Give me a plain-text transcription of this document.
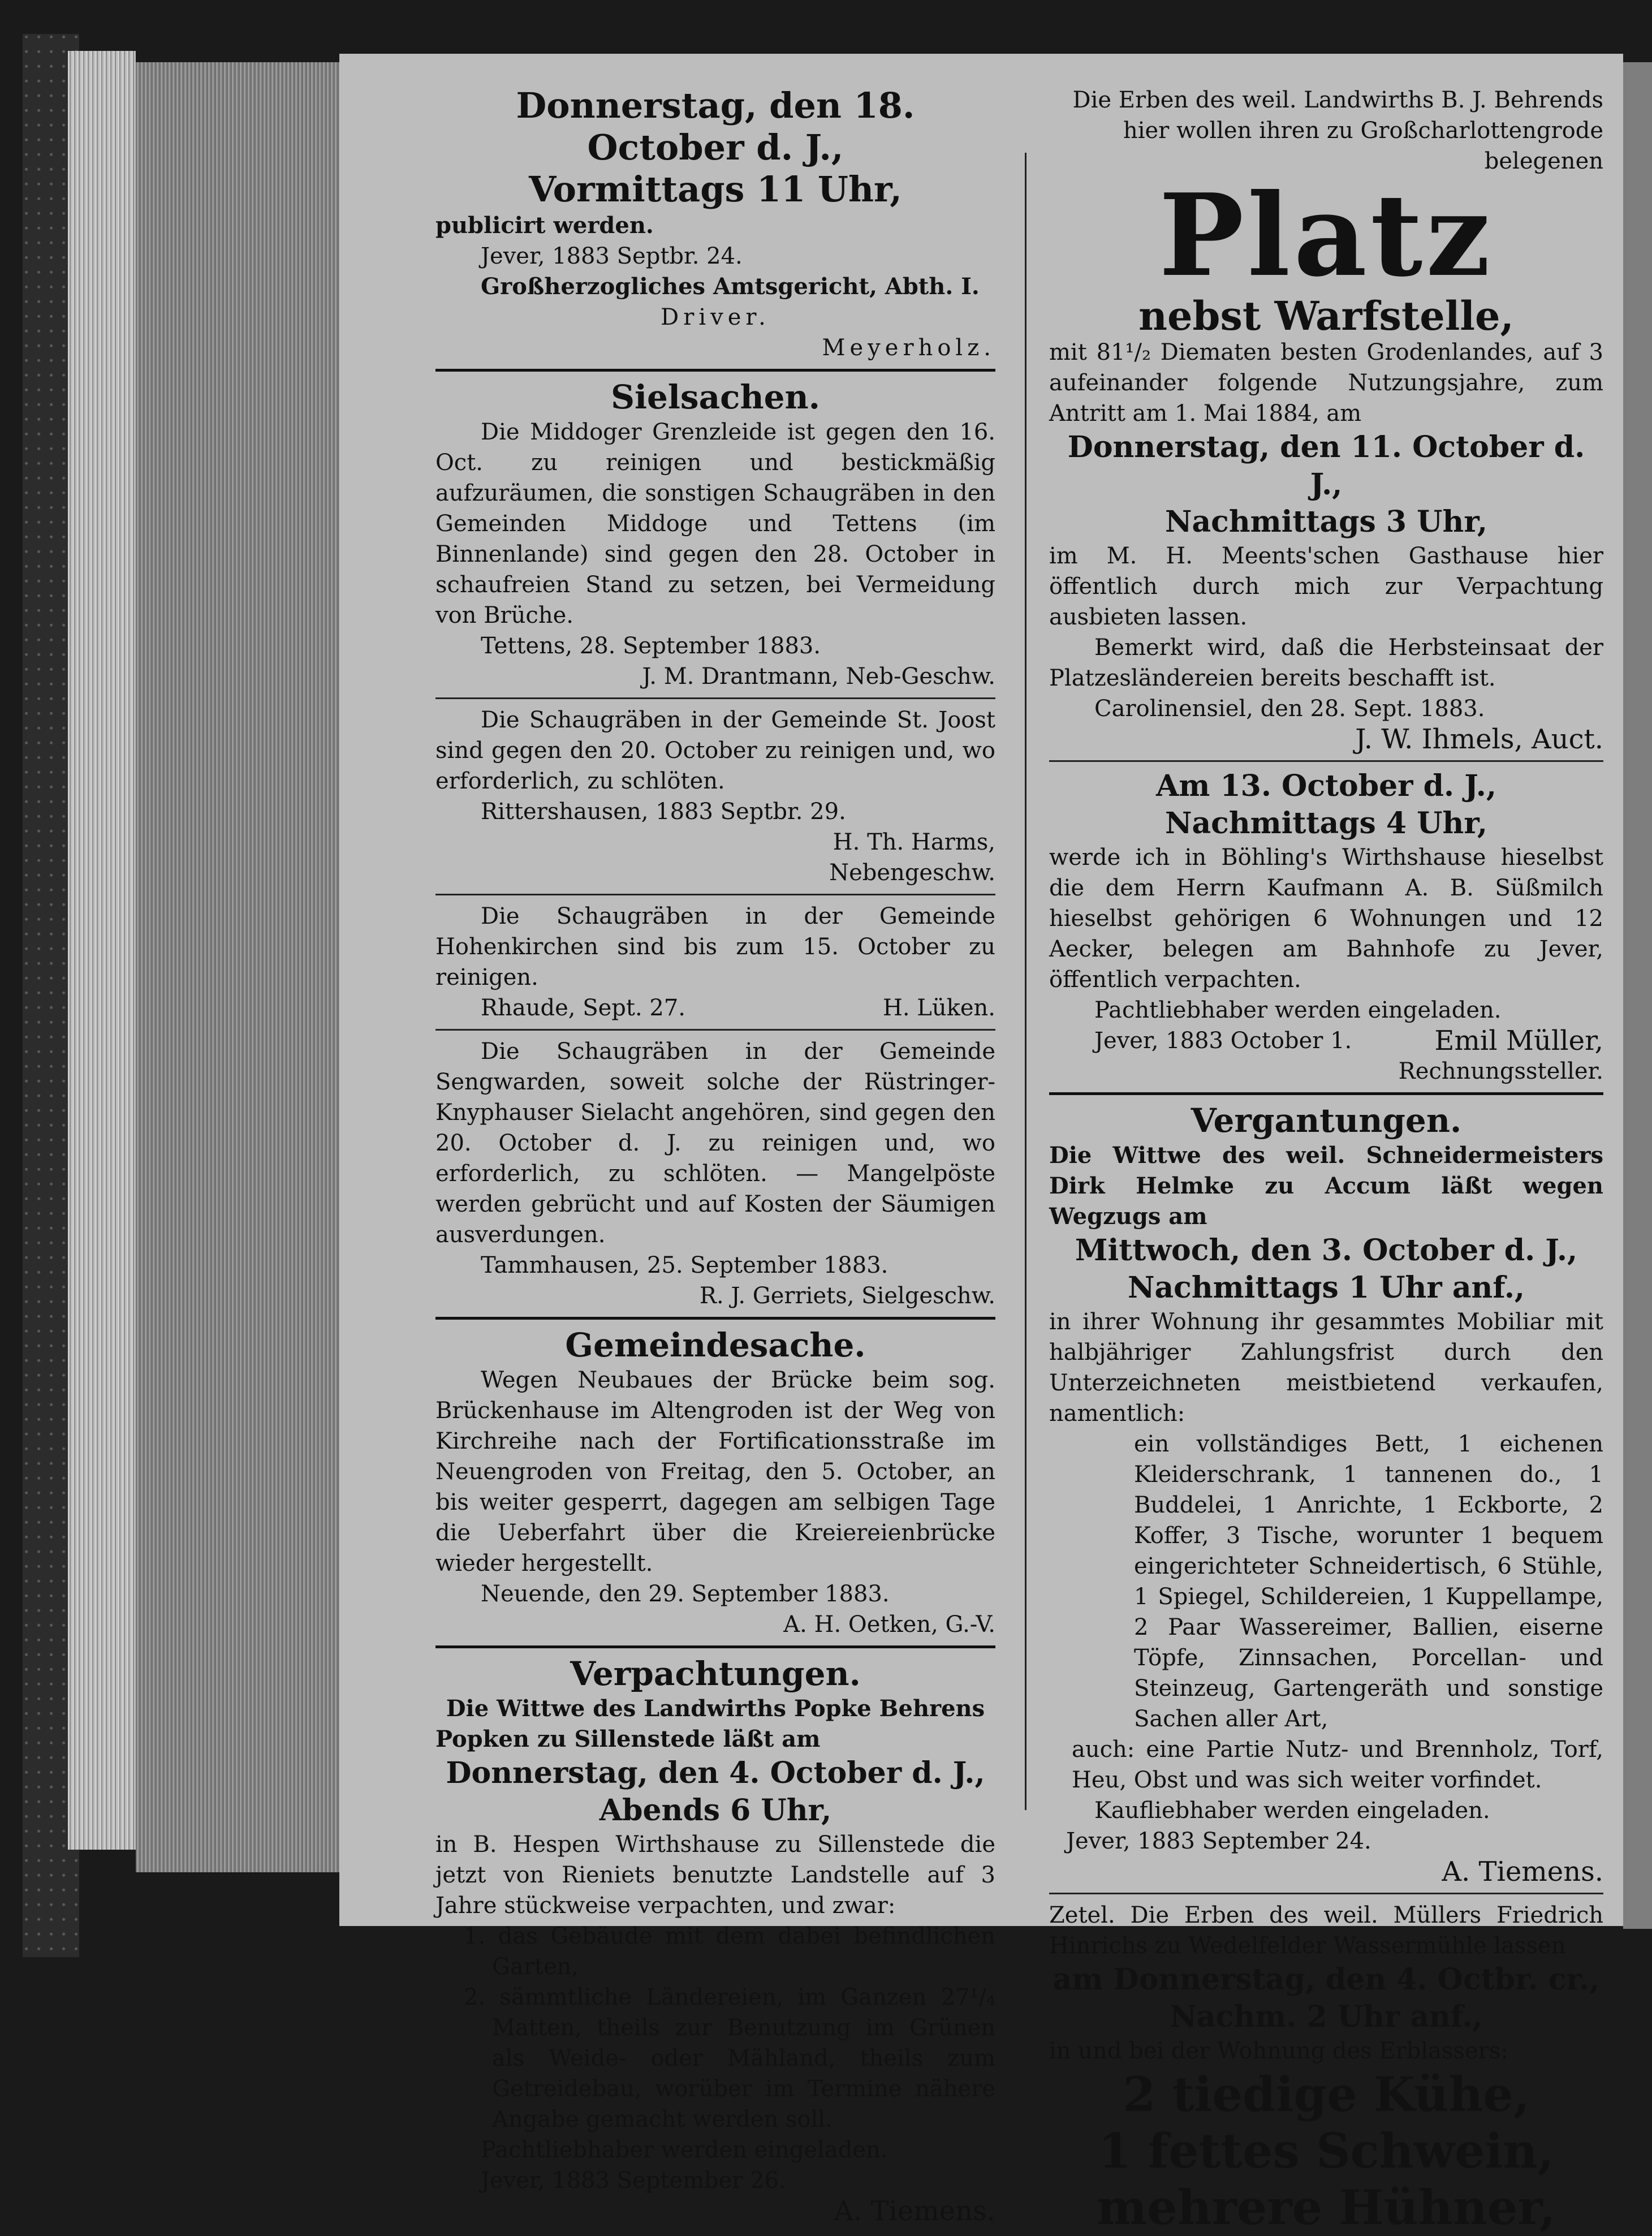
Donnerstag, den 18. October d. J.,

Vormittags 11 Uhr,

publicirt werden.

Jever, 1883 Septbr. 24.

Großherzogliches Amtsgericht, Abth. I.

Driver.

Meyerholz.

Sielsachen.

Die Middoger Grenzleide ist gegen den 16. Oct. zu reinigen und bestickmäßig aufzuräumen, die sonstigen Schaugräben in den Gemeinden Middoge und Tettens (im Binnenlande) sind gegen den 28. October in schaufreien Stand zu setzen, bei Vermeidung von Brüche.

Tettens, 28. September 1883.

J. M. Drantmann, Neb-Geschw.

Die Schaugräben in der Gemeinde St. Joost sind gegen den 20. October zu reinigen und, wo erforderlich, zu schlöten.

Rittershausen, 1883 Septbr. 29.

H. Th. Harms,

Nebengeschw.

Die Schaugräben in der Gemeinde Hohenkirchen sind bis zum 15. October zu reinigen.

Rhaude, Sept. 27.	H. Lüken.

Die Schaugräben in der Gemeinde Sengwarden, soweit solche der Rüstringer-Knyphauser Sielacht angehören, sind gegen den 20. October d. J. zu reinigen und, wo erforderlich, zu schlöten. — Mangelpöste werden gebrücht und auf Kosten der Säumigen ausverdungen.

Tammhausen, 25. September 1883.

R. J. Gerriets, Sielgeschw.

Gemeindesache.

Wegen Neubaues der Brücke beim sog. Brückenhause im Altengroden ist der Weg von Kirchreihe nach der Fortificationsstraße im Neuengroden von Freitag, den 5. October, an bis weiter gesperrt, dagegen am selbigen Tage die Ueberfahrt über die Kreiereienbrücke wieder hergestellt.

Neuende, den 29. September 1883.

A. H. Oetken, G.-V.

Verpachtungen.

Die Wittwe des Landwirths Popke Behrens

Popken zu Sillenstede läßt am

Donnerstag, den 4. October d. J.,

Abends 6 Uhr,

in B. Hespen Wirthshause zu Sillenstede die jetzt von Rieniets benutzte Landstelle auf 3 Jahre stückweise verpachten, und zwar:

1. das Gebäude mit dem dabei befindlichen Garten,

2. sämmtliche Ländereien, im Ganzen 27¹/₄ Matten, theils zur Benutzung im Grünen als Weide- oder Mähland, theils zum Getreidebau, worüber im Termine nähere Angabe gemacht werden soll.

Pachtliebhaber werden eingeladen.

Jever, 1883 September 26.

A. Tiemens.

Die Erben des weil. Landwirths B. J. Behrends

hier wollen ihren zu Großcharlottengrode belegenen

Platz

nebst Warfstelle,

mit 81¹/₂ Diematen besten Grodenlandes, auf 3 aufeinander folgende Nutzungsjahre, zum Antritt am 1. Mai 1884, am

Donnerstag, den 11. October d. J.,

Nachmittags 3 Uhr,

im M. H. Meents'schen Gasthause hier öffentlich durch mich zur Verpachtung ausbieten lassen.

Bemerkt wird, daß die Herbsteinsaat der Platzesländereien bereits beschafft ist.

Carolinensiel, den 28. Sept. 1883.

J. W. Ihmels, Auct.

Am 13. October d. J.,

Nachmittags 4 Uhr,

werde ich in Böhling's Wirthshause hieselbst die dem Herrn Kaufmann A. B. Süßmilch hieselbst gehörigen 6 Wohnungen und 12 Aecker, belegen am Bahnhofe zu Jever, öffentlich verpachten.

Pachtliebhaber werden eingeladen.

Jever, 1883 October 1.	Emil Müller,

Rechnungssteller.

Vergantungen.

Die Wittwe des weil. Schneidermeisters Dirk Helmke zu Accum läßt wegen Wegzugs am

Mittwoch, den 3. October d. J.,

Nachmittags 1 Uhr anf.,

in ihrer Wohnung ihr gesammtes Mobiliar mit halbjähriger Zahlungsfrist durch den Unterzeichneten meistbietend verkaufen, namentlich:

ein vollständiges Bett, 1 eichenen Kleiderschrank, 1 tannenen do., 1 Buddelei, 1 Anrichte, 1 Eckborte, 2 Koffer, 3 Tische, worunter 1 bequem eingerichteter Schneidertisch, 6 Stühle, 1 Spiegel, Schildereien, 1 Kuppellampe, 2 Paar Wassereimer, Ballien, eiserne Töpfe, Zinnsachen, Porcellan- und Steinzeug, Gartengeräth und sonstige Sachen aller Art,

auch: eine Partie Nutz- und Brennholz, Torf, Heu, Obst und was sich weiter vorfindet.

Kaufliebhaber werden eingeladen.

Jever, 1883 September 24.

A. Tiemens.

Zetel. Die Erben des weil. Müllers Friedrich Hinrichs zu Wedelfelder Wassermühle lassen

am Donnerstag, den 4. Octbr. cr.,

Nachm. 2 Uhr anf.,

in und bei der Wohnung des Erblassers:

2 tiedige Kühe,

1 fettes Schwein,

mehrere Hühner,
